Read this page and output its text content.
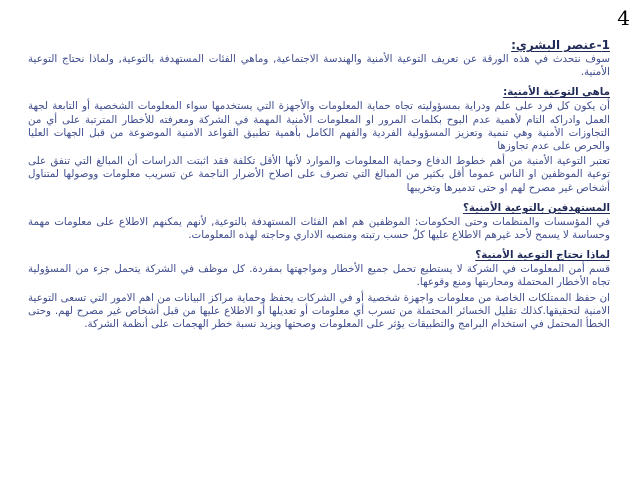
4
1-عنصر البشري:

سوف نتحدث في هذه الورقة عن تعريف التوعية الأمنية والهندسة الاجتماعية, وماهي الفئات المستهدفة بالتوعية, ولماذا نحتاج التوعية الأمنية.

ماهي التوعية الأمنية:

أن يكون كل فرد على علم ودراية بمسؤوليته تجاه حماية المعلومات والأجهزة التي يستخدمها سواء المعلومات الشخصية أو التابعة لجهة العمل وادراكه التام لأهمية عدم البوح بكلمات المرور او المعلومات الأمنية المهمة في الشركة ومعرفته للأخطار المترتبة على أي من التجاوزات الأمنية وهي تنمية وتعزيز المسؤولية الفردية والفهم الكامل بأهمية تطبيق القواعد الامنية الموضوعة من قبل الجهات العليا والحرص على عدم تجاوزها

تعتبر التوعية الأمنية من أهم خطوط الدفاع وحماية المعلومات والموارد لأنها الأقل تكلفة فقد اثبتت الدراسات أن المبالغ التي تنفق على توعية الموظفين او الناس عموما أقل بكثير من المبالغ التي تصرف على اصلاح الأضرار الناجمة عن تسريب معلومات ووصولها لمتناول أشخاص غير مصرح لهم او حتى تدميرها وتخريبها

المستهدفين بالتوعية الأمنية؟

في المؤسسات والمنظمات وحتى الحكومات: الموظفين هم اهم الفئات المستهدفة بالتوعية, لأنهم يمكنهم الاطلاع على معلومات مهمة وحساسة لا يسمح لأحد غيرهم الاطلاع عليها كلٌ حسب رتبته ومنصبه الاداري وحاجته لهذه المعلومات.

لماذا نحتاج التوعية الأمنية؟

قسم أمن المعلومات في الشركة لا يستطيع تحمل جميع الأخطار ومواجهتها بمفردة. كل موظف في الشركة يتحمل جزء من المسؤولية تجاه الأخطار المحتملة ومحاربتها ومنع وقوعها.

ان حفظ الممتلكات الخاصة من معلومات واجهزة شخصية أو في الشركات يحفظ وحماية مراكز البيانات من اهم الامور التي تسعى التوعية الامنية لتحقيقها.كذلك تقليل الخسائر المحتملة من تسرب أي معلومات أو تعديلها أو الاطلاع عليها من قبل أشخاص غير مصرح لهم. وحتى الخطأ المحتمل في استخدام البرامج والتطبيقات يؤثر على المعلومات وصحتها ويزيد نسبة خطر الهجمات على أنظمة الشركة.
